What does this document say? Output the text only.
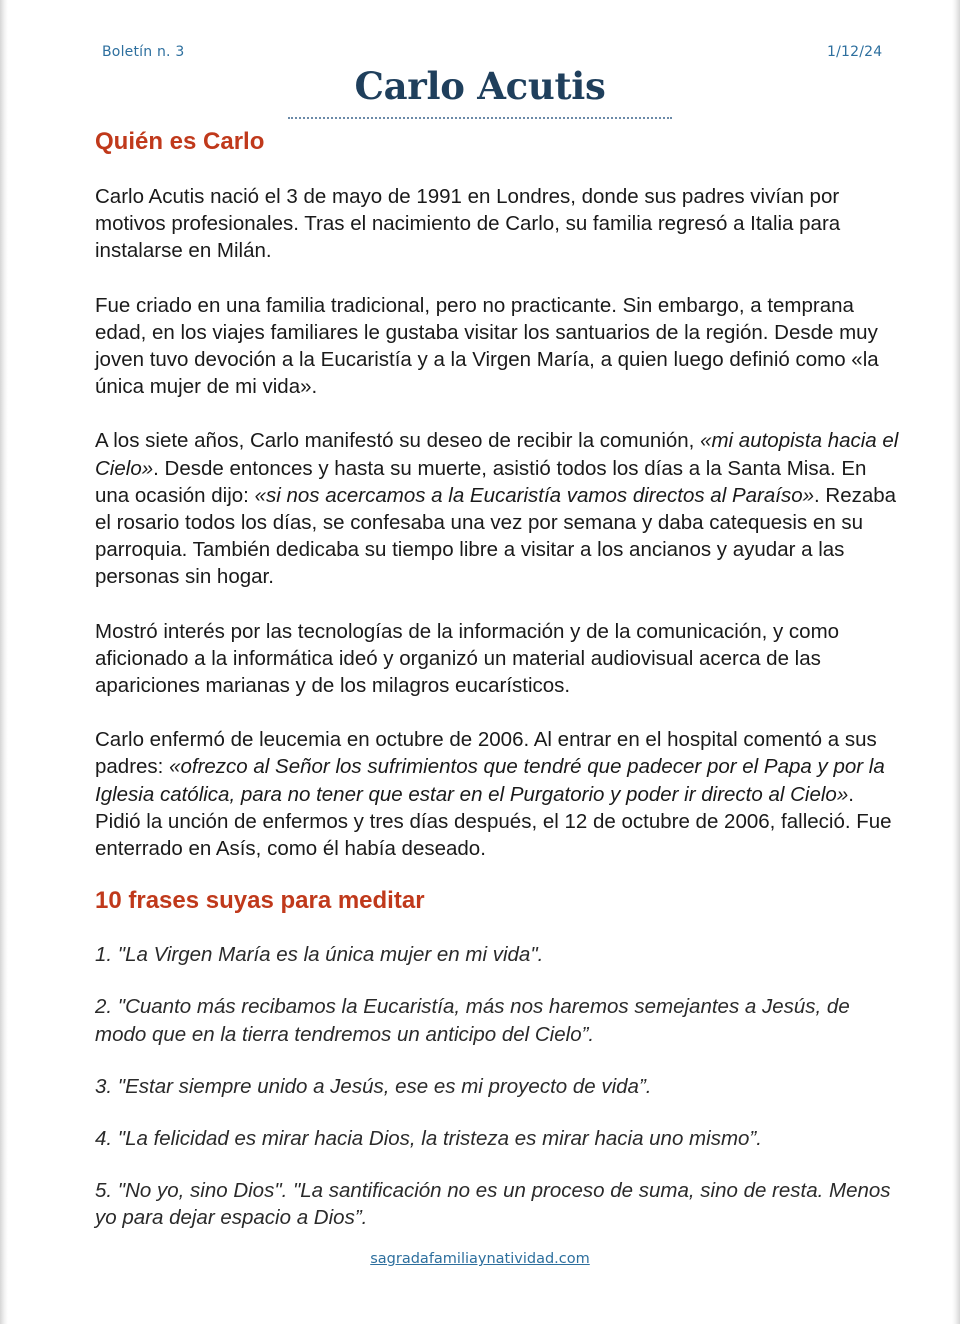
Boletín n. 3	1/12/24
Carlo Acutis
Quién es Carlo

Carlo Acutis nació el 3 de mayo de 1991 en Londres, donde sus padres vivían por motivos profesionales. Tras el nacimiento de Carlo, su familia regresó a Italia para instalarse en Milán.

Fue criado en una familia tradicional, pero no practicante. Sin embargo, a temprana edad, en los viajes familiares le gustaba visitar los santuarios de la región. Desde muy joven tuvo devoción a la Eucaristía y a la Virgen María, a quien luego definió como «la única mujer de mi vida».

A los siete años, Carlo manifestó su deseo de recibir la comunión, «mi autopista hacia el Cielo». Desde entonces y hasta su muerte, asistió todos los días a la Santa Misa. En una ocasión dijo: «si nos acercamos a la Eucaristía vamos directos al Paraíso». Rezaba el rosario todos los días, se confesaba una vez por semana y daba catequesis en su parroquia. También dedicaba su tiempo libre a visitar a los ancianos y ayudar a las personas sin hogar.

Mostró interés por las tecnologías de la información y de la comunicación, y como aficionado a la informática ideó y organizó un material audiovisual acerca de las apariciones marianas y de los milagros eucarísticos.

Carlo enfermó de leucemia en octubre de 2006. Al entrar en el hospital comentó a sus padres: «ofrezco al Señor los sufrimientos que tendré que padecer por el Papa y por la Iglesia católica, para no tener que estar en el Purgatorio y poder ir directo al Cielo». Pidió la unción de enfermos y tres días después, el 12 de octubre de 2006, falleció. Fue enterrado en Asís, como él había deseado.

10 frases suyas para meditar

1. "La Virgen María es la única mujer en mi vida".

2. "Cuanto más recibamos la Eucaristía, más nos haremos semejantes a Jesús, de modo que en la tierra tendremos un anticipo del Cielo”.

3. "Estar siempre unido a Jesús, ese es mi proyecto de vida”.

4. "La felicidad es mirar hacia Dios, la tristeza es mirar hacia uno mismo”.

5. "No yo, sino Dios". "La santificación no es un proceso de suma, sino de resta. Menos yo para dejar espacio a Dios”.

sagradafamiliaynatividad.com
